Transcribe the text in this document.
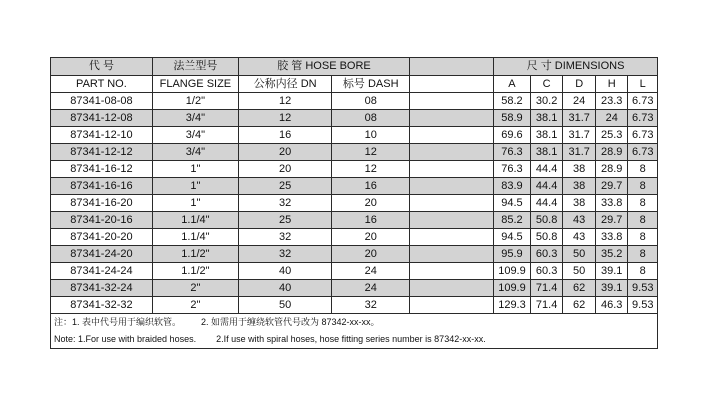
代 号	法兰型号	胶 管 HOSE BORE			尺 寸 DIMENSIONS				
PART NO.	FLANGE SIZE	公称内径 DN	标号 DASH		A	C	D	H	L
87341-08-08	1/2"	12	08		58.2	30.2	24	23.3	6.73
87341-12-08	3/4"	12	08		58.9	38.1	31.7	24	6.73
87341-12-10	3/4"	16	10		69.6	38.1	31.7	25.3	6.73
87341-12-12	3/4"	20	12		76.3	38.1	31.7	28.9	6.73
87341-16-12	1"	20	12		76.3	44.4	38	28.9	8
87341-16-16	1"	25	16		83.9	44.4	38	29.7	8
87341-16-20	1"	32	20		94.5	44.4	38	33.8	8
87341-20-16	1.1/4"	25	16		85.2	50.8	43	29.7	8
87341-20-20	1.1/4"	32	20		94.5	50.8	43	33.8	8
87341-24-20	1.1/2"	32	20		95.9	60.3	50	35.2	8
87341-24-24	1.1/2"	40	24		109.9	60.3	50	39.1	8
87341-32-24	2"	40	24		109.9	71.4	62	39.1	9.53
87341-32-32	2"	50	32		129.3	71.4	62	46.3	9.53
注：1. 表中代号用于编织软管。 2. 如需用于缠绕软管代号改为 87342-xx-xx。									
Note: 1.For use with braided hoses. 2.If use with spiral hoses, hose fitting series number is 87342-xx-xx.									
